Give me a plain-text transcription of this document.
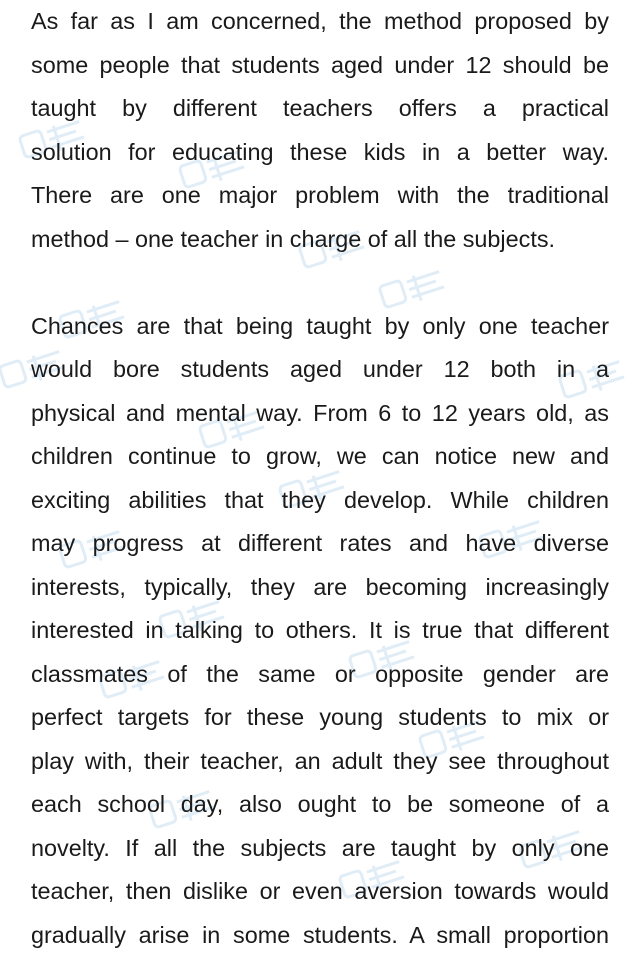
As far as I am concerned, the method proposed by
some people that students aged under 12 should be
taught by different teachers offers a practical
solution for educating these kids in a better way.
There are one major problem with the traditional
method – one teacher in charge of all the subjects.
Chances are that being taught by only one teacher
would bore students aged under 12 both in a
physical and mental way. From 6 to 12 years old, as
children continue to grow, we can notice new and
exciting abilities that they develop. While children
may progress at different rates and have diverse
interests, typically, they are becoming increasingly
interested in talking to others. It is true that different
classmates of the same or opposite gender are
perfect targets for these young students to mix or
play with, their teacher, an adult they see throughout
each school day, also ought to be someone of a
novelty. If all the subjects are taught by only one
teacher, then dislike or even aversion towards would
gradually arise in some students. A small proportion
